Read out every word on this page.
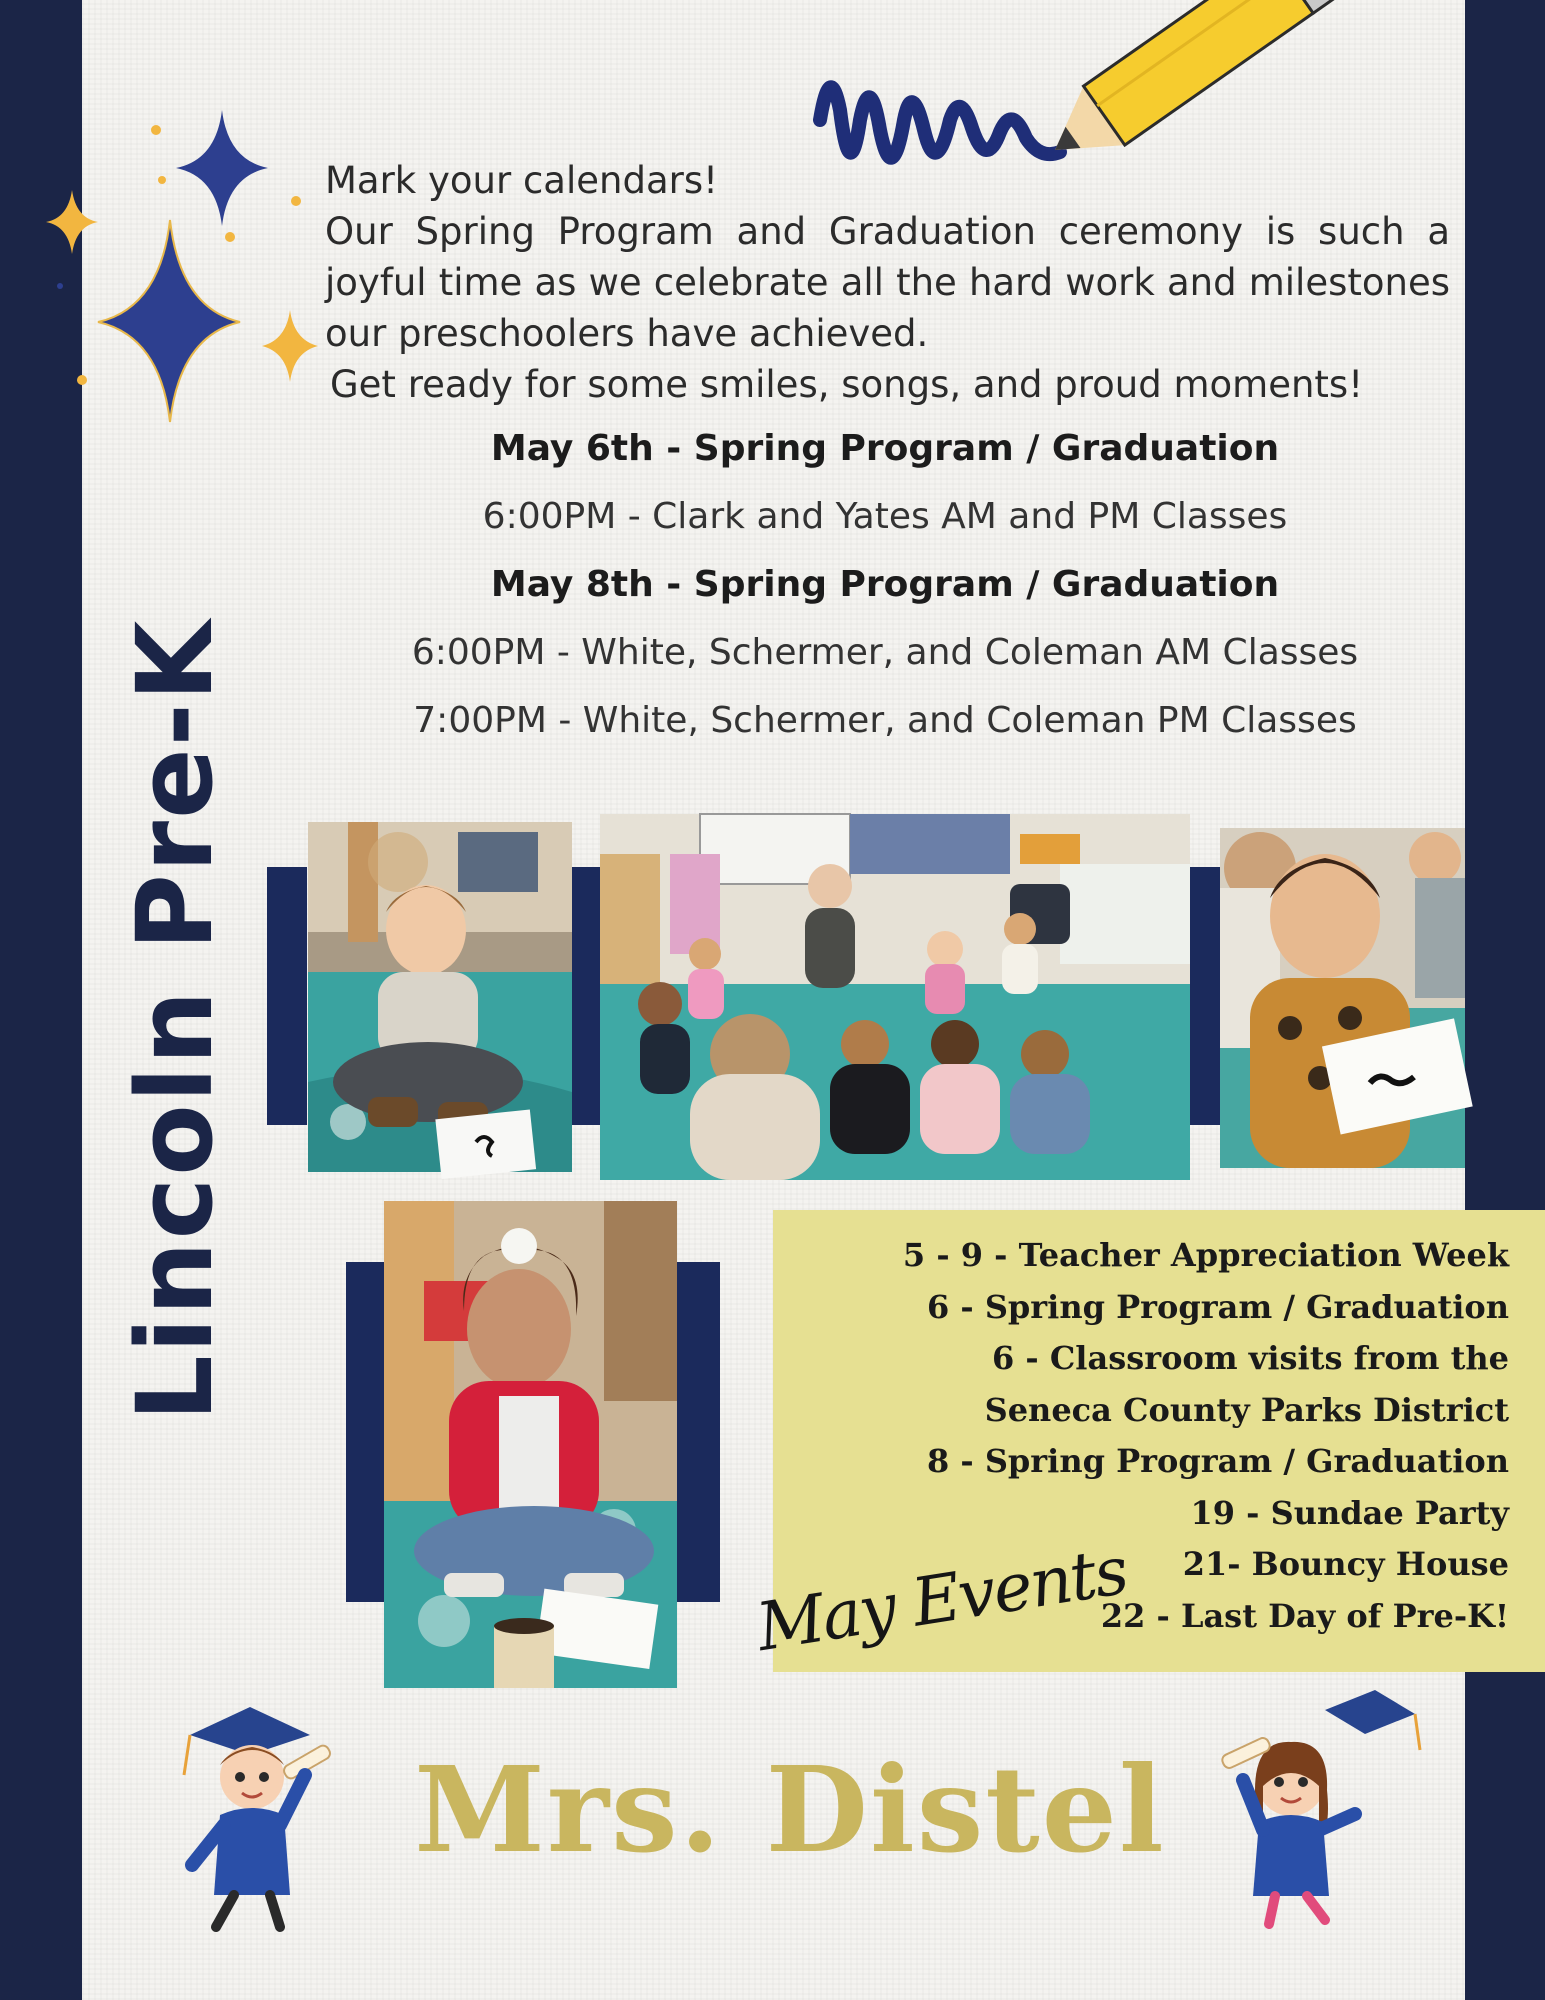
Mark your calendars!
Our Spring Program and Graduation ceremony is such a joyful time as we celebrate all the hard work and milestones our preschoolers have achieved.
Get ready for some smiles, songs, and proud moments!
May 6th - Spring Program / Graduation
6:00PM - Clark and Yates AM and PM Classes
May 8th - Spring Program / Graduation
6:00PM - White, Schermer, and Coleman AM Classes
7:00PM - White, Schermer, and Coleman PM Classes
Lincoln Pre-K	5 - 9 - Teacher Appreciation Week
6 - Spring Program / Graduation
6 - Classroom visits from the
Seneca County Parks District
8 - Spring Program / Graduation
19 - Sundae Party
21- Bouncy House
22 - Last Day of Pre-K!
May Events
Mrs. Distel
